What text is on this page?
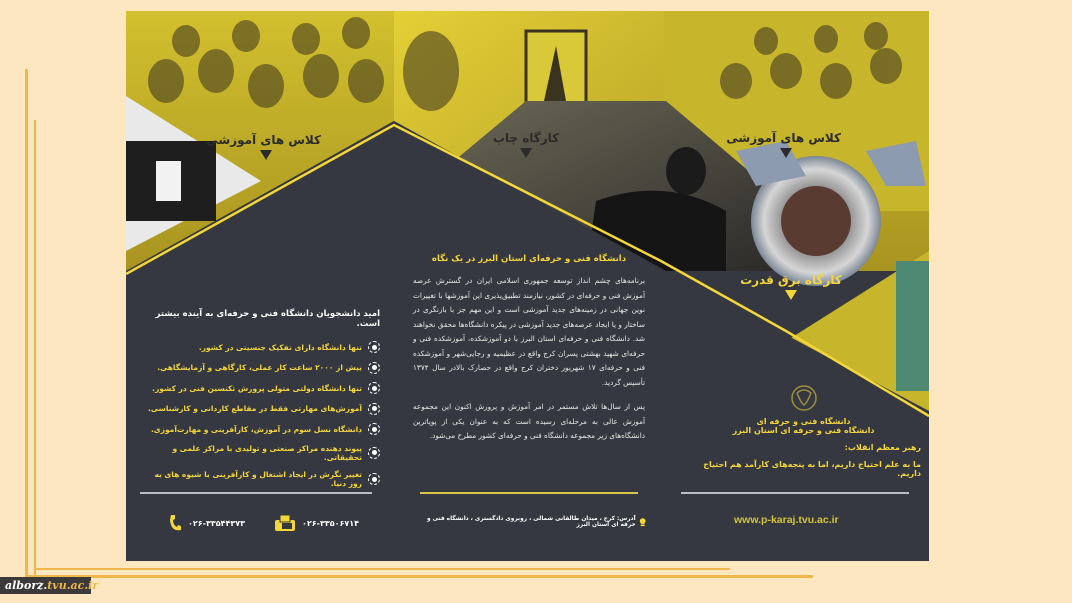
کلاس های آموزشی	کارگاه چاپ	کلاس های آموزشی
کارگاه برق قدرت
امید دانشجویان دانشگاه فنی و حرفه‌ای به آینده بیشتر است.
تنها دانشگاه دارای تفکیک جنسیتی در کشور.
بیش از ۲۰۰۰ ساعت کار عملی، کارگاهی و آزمایشگاهی.
تنها دانشگاه دولتی متولی پرورش تکنسین فنی در کشور.
آموزش‌های مهارتی فقط در مقاطع کاردانی و کارشناسی.
دانشگاه نسل سوم در آموزش، کارآفرینی و مهارت‌آموزی.
پیوند دهنده مراکز صنعتی و تولیدی با مراکز علمی و تحقیقاتی.
تغییر نگرش در ایجاد اشتغال و کارآفرینی با شیوه های به روز دنیا.
۰۲۶-۳۳۵۰۶۷۱۴
۰۲۶-۳۳۵۴۴۳۷۳
دانشگاه فنی و حرفه‌ای استان البرز در یک نگاه

برنامه‌های چشم انداز توسعه جمهوری اسلامی ایران در گسترش عرصه آموزش فنی و حرفه‌ای در کشور، نیازمند تطبیق‌پذیری این آموزشها با تغییرات نوین جهانی در زمینه‌های جدید آموزشی است و این مهم جز با بازنگری در ساختار و یا ایجاد عرصه‌های جدید آموزشی در پیکره دانشگاه‌ها محقق نخواهند شد. دانشگاه فنی و حرفه‌ای استان البرز با دو آموزشکده، آموزشکده فنی و حرفه‌ای شهید بهشتی پسران کرج واقع در عظیمیه و رجایی‌شهر و آموزشکده فنی و حرفه‌ای ۱۷ شهریور دختران کرج واقع در حصارک بالادر سال ۱۳۷۴ تأسیس گردید.

پس از سال‌ها تلاش مستمر در امر آموزش و پرورش اکنون این مجموعه آموزش عالی به مرحله‌ای رسیده است که به عنوان یکی از پویاترین دانشگاه‌های زیر مجموعه دانشگاه فنی و حرفه‌ای کشور مطرح می‌شود.

آدرس: کرج ، میدان طالقانی شمالی ، روبروی دادگستری ، دانشگاه فنی و حرفه ای استان البرز
دانشگاه فنی و حرفه ای
دانشگاه فنی و حرفه ای استان البرز
رهبر معظم انقلاب:
ما به علم احتیاج داریم، اما به پنجه‌های کارآمد هم احتیاج داریم.
www.p-karaj.tvu.ac.ir
alborz. tvu.ac.ir
